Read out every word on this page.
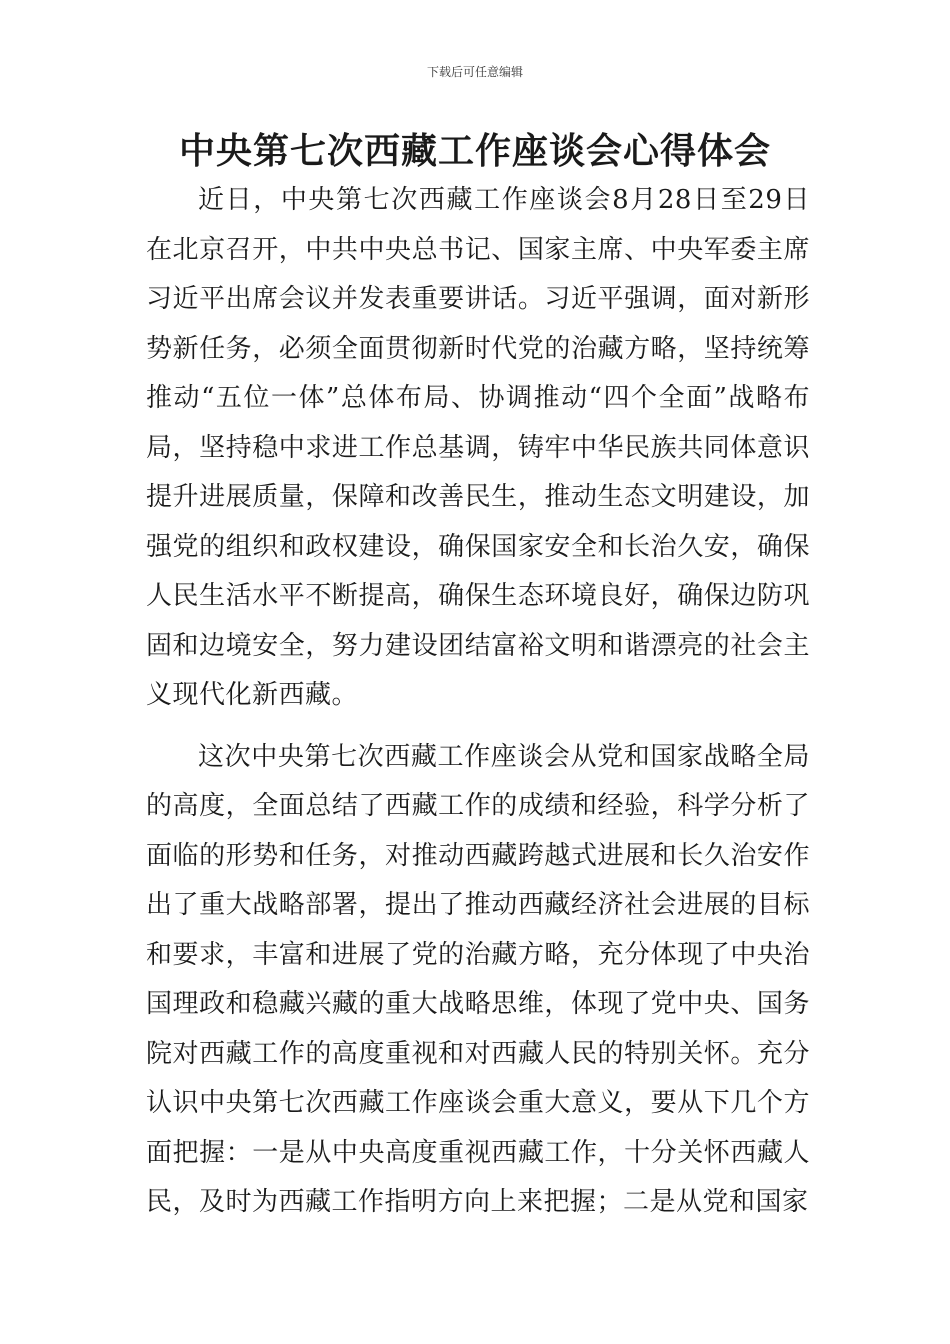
下载后可任意编辑
中央第七次西藏工作座谈会心得体会

近日，中央第七次西藏工作座谈会8月28日至29日在北京召开，中共中央总书记、国家主席、中央军委主席习近平出席会议并发表重要讲话。习近平强调，面对新形势新任务，必须全面贯彻新时代党的治藏方略，坚持统筹推动“五位一体”总体布局、协调推动“四个全面”战略布局，坚持稳中求进工作总基调，铸牢中华民族共同体意识提升进展质量，保障和改善民生，推动生态文明建设，加强党的组织和政权建设，确保国家安全和长治久安，确保人民生活水平不断提高，确保生态环境良好，确保边防巩固和边境安全，努力建设团结富裕文明和谐漂亮的社会主义现代化新西藏。

这次中央第七次西藏工作座谈会从党和国家战略全局的高度，全面总结了西藏工作的成绩和经验，科学分析了面临的形势和任务，对推动西藏跨越式进展和长久治安作出了重大战略部署，提出了推动西藏经济社会进展的目标和要求，丰富和进展了党的治藏方略，充分体现了中央治国理政和稳藏兴藏的重大战略思维，体现了党中央、国务院对西藏工作的高度重视和对西藏人民的特别关怀。充分认识中央第七次西藏工作座谈会重大意义，要从下几个方面把握：一是从中央高度重视西藏工作，十分关怀西藏人民，及时为西藏工作指明方向上来把握；二是从党和国家
